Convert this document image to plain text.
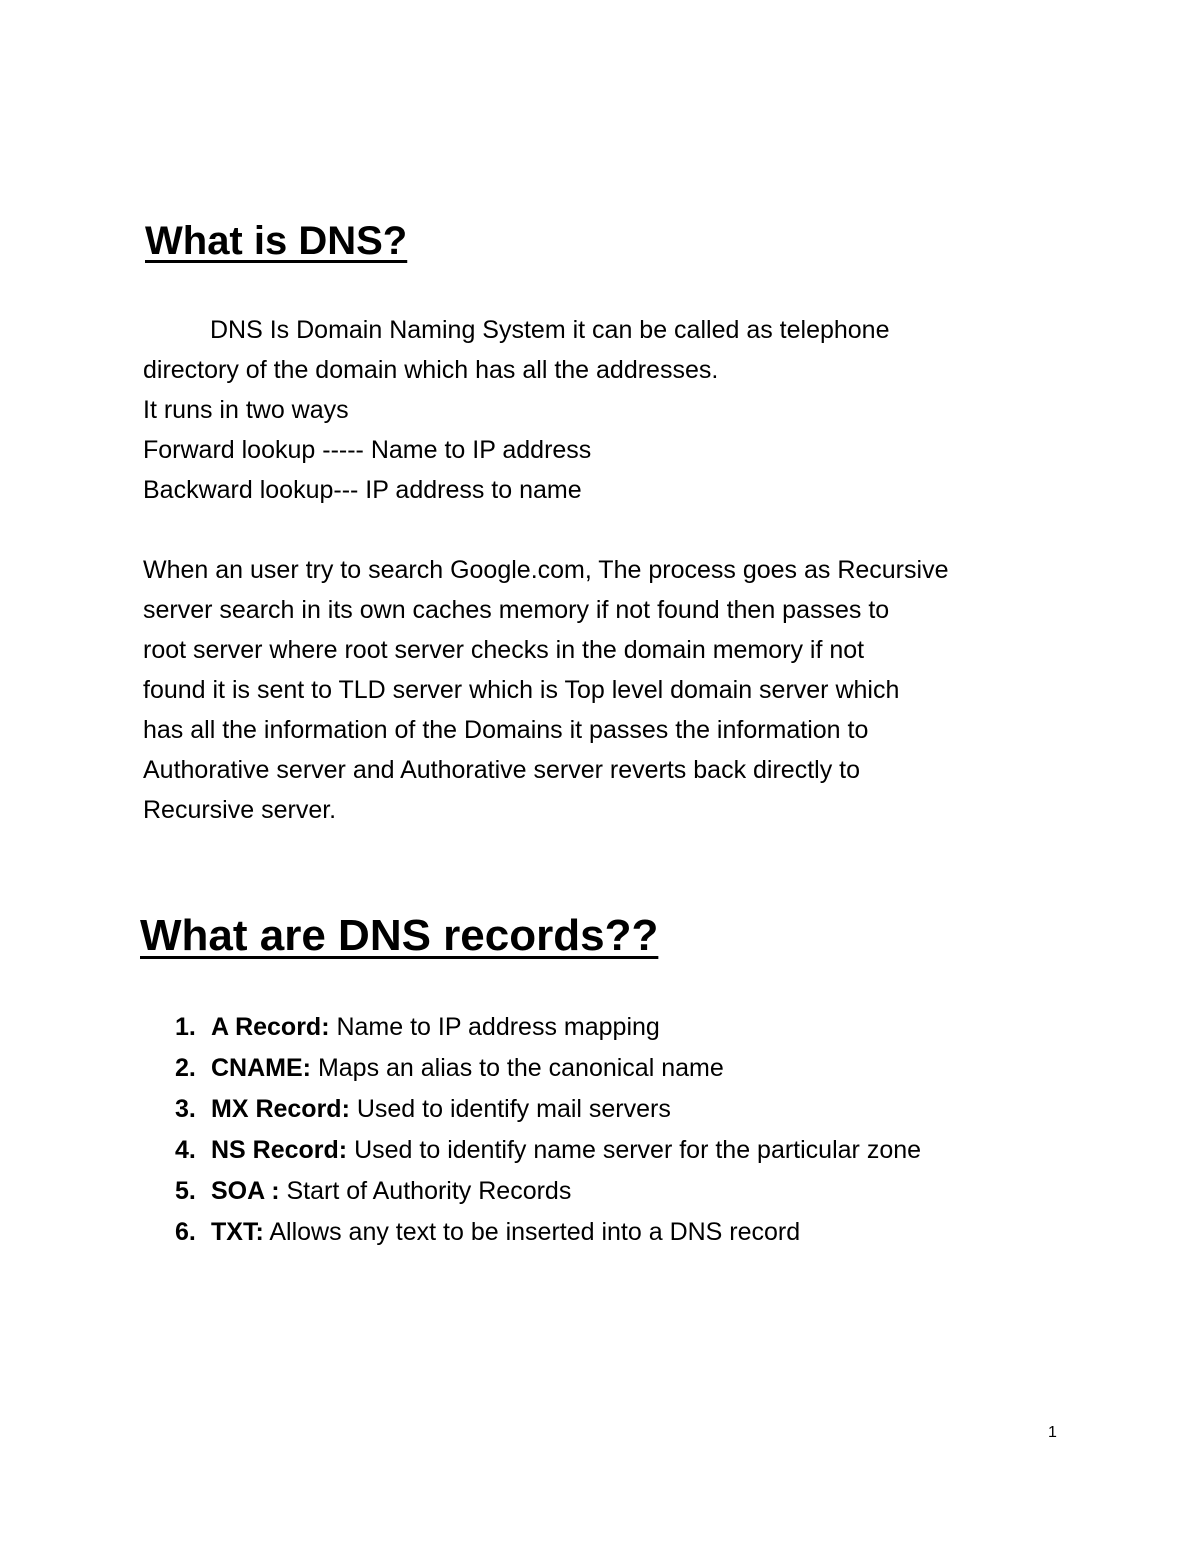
What is DNS?

DNS Is Domain Naming System it can be called as telephone
directory of the domain which has all the addresses.
It runs in two ways
Forward lookup ----- Name to IP address
Backward lookup--- IP address to name

When an user try to search Google.com, The process goes as Recursive
server search in its own caches memory if not found then passes to
root server where root server checks in the domain memory if not
found it is sent to TLD server which is Top level domain server which
has all the information of the Domains it passes the information to
Authorative server and Authorative server reverts back directly to
Recursive server.

What are DNS records??
1. A Record: Name to IP address mapping
2. CNAME: Maps an alias to the canonical name
3. MX Record: Used to identify mail servers
4. NS Record: Used to identify name server for the particular zone
5. SOA : Start of Authority Records
6. TXT: Allows any text to be inserted into a DNS record
1
